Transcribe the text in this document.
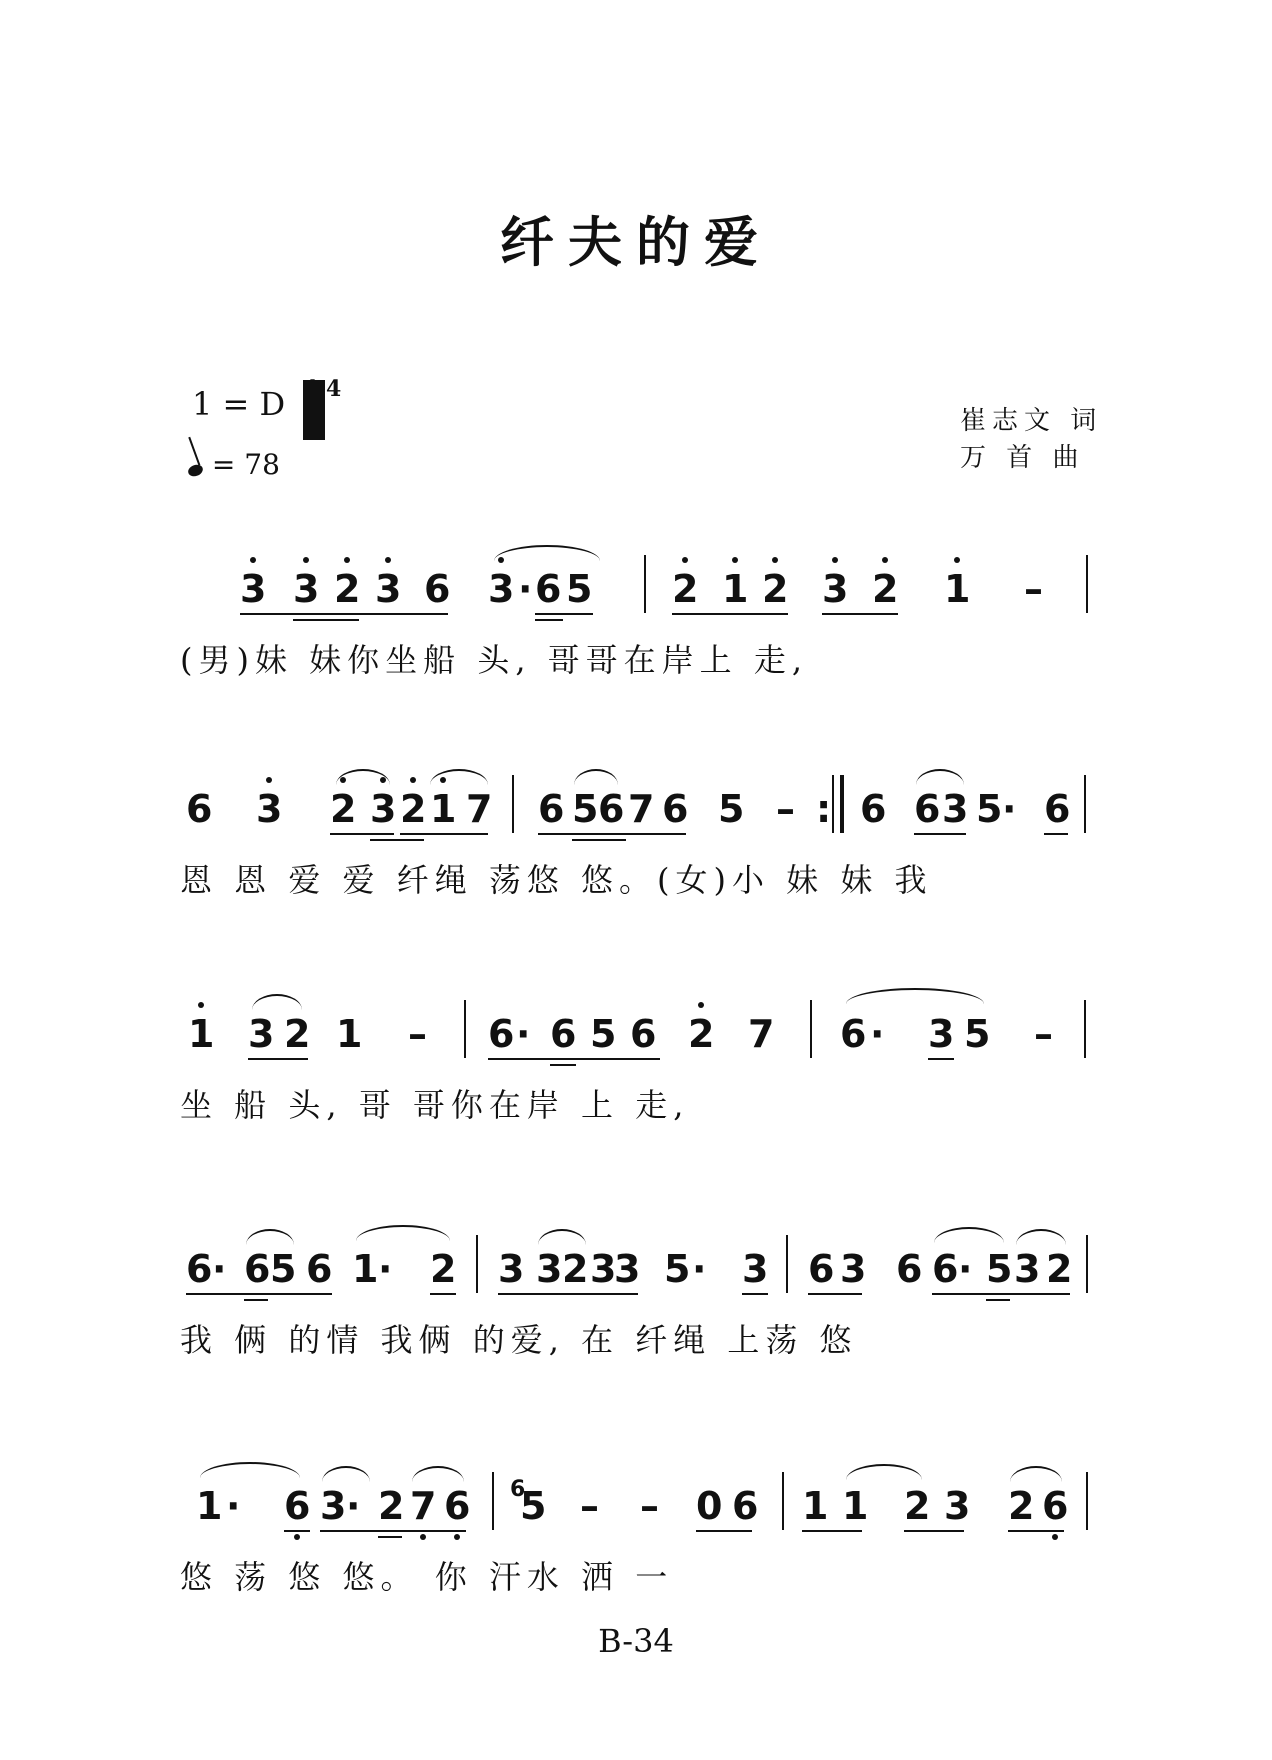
纤夫的爱
1 = D	4
= 78
崔志文 词
万 首 曲
3 3 2 3 6 3 · 6 5 2 1 2 3 2 1 –
(男)妹 妹你坐船 头, 哥哥在岸上 走,
6 3 2 3 2 1 7 6 5 6 7 6 5 – : 6 6 3 5 · 6
恩 恩 爱 爱 纤绳 荡悠 悠。(女)小 妹 妹 我
1 3 2 1 – 6 · 6 5 6 2 7 6 · 3 5 –
坐 船 头, 哥 哥你在岸 上 走,
6 · 6 5 6 1 · 2 3 3 2 3
3 5 · 3 6 3 6 6 · 5 3 2
我 俩 的情 我俩 的爱, 在 纤绳 上荡 悠
1 · 6 3 · 2 7 6 6
5 – – 0 6 1 1 2 3 2 6
悠 荡 悠 悠。 你 汗水 洒 一
B-34
